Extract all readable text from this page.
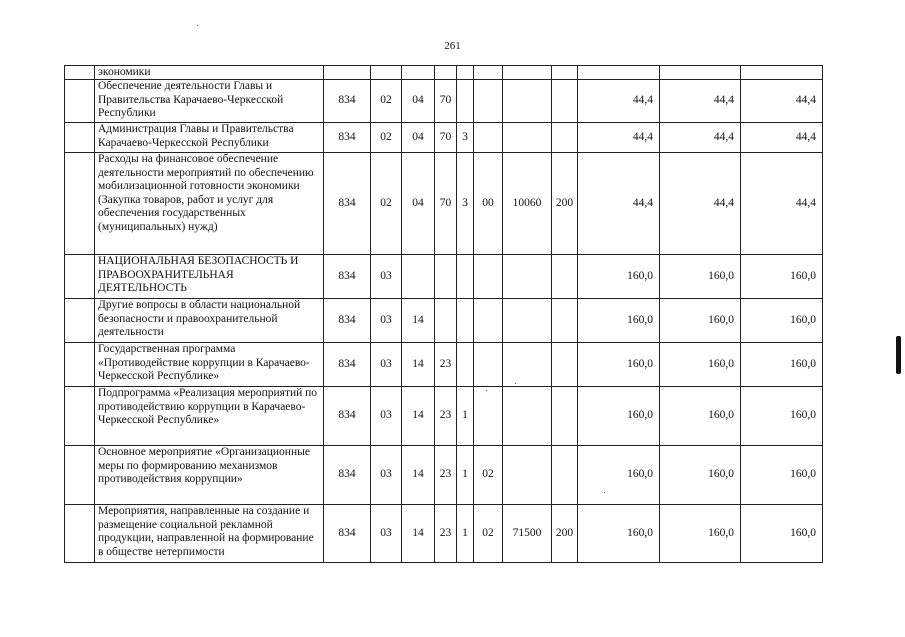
261
	экономики											
	Обеспечение деятельности Главы и Правительства Карачаево-Черкесской Республики	834	02	04	70					44,4	44,4	44,4
	Администрация Главы и Правительства Карачаево-Черкесской Республики	834	02	04	70	3				44,4	44,4	44,4
	Расходы на финансовое обеспечение деятельности мероприятий по обеспечению мобилизационной готовности экономики (Закупка товаров, работ и услуг для обеспечения государственных (муниципальных) нужд)	834	02	04	70	3	00	10060	200	44,4	44,4	44,4
	НАЦИОНАЛЬНАЯ БЕЗОПАСНОСТЬ И ПРАВООХРАНИТЕЛЬНАЯ ДЕЯТЕЛЬНОСТЬ	834	03							160,0	160,0	160,0
	Другие вопросы в области национальной безопасности и правоохранительной деятельности	834	03	14						160,0	160,0	160,0
	Государственная программа «Противодействие коррупции в Карачаево-Черкесской Республике»	834	03	14	23					160,0	160,0	160,0
	Подпрограмма «Реализация мероприятий по противодействию коррупции в Карачаево-Черкесской Республике»	834	03	14	23	1				160,0	160,0	160,0
	Основное мероприятие «Организационные меры по формированию механизмов противодействия коррупции»	834	03	14	23	1	02			160,0	160,0	160,0
	Мероприятия, направленные на создание и размещение социальной рекламной продукции, направленной на формирование в обществе нетерпимости	834	03	14	23	1	02	71500	200	160,0	160,0	160,0
